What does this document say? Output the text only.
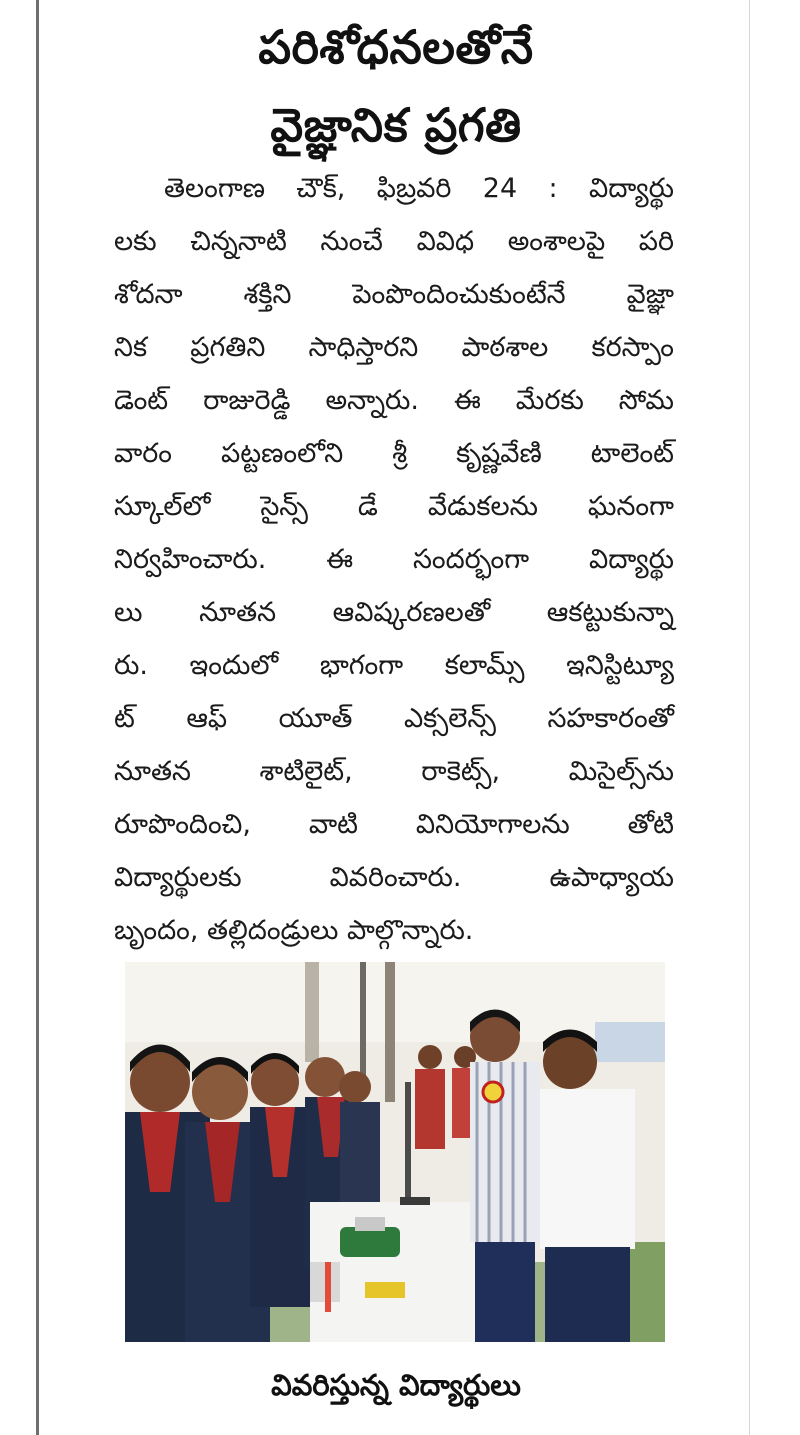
పరిశోధనలతోనే
వైజ్ఞానిక ప్రగతి
తెలంగాణ చౌక్, ఫిబ్రవరి 24 : విద్యార్థు
లకు చిన్ననాటి నుంచే వివిధ అంశాలపై పరి
శోదనా శక్తిని పెంపొందించుకుంటేనే వైజ్ఞా
నిక ప్రగతిని సాధిస్తారని పాఠశాల కరస్పాం
డెంట్ రాజురెడ్డి అన్నారు. ఈ మేరకు సోమ
వారం పట్టణంలోని శ్రీ కృష్ణవేణి టాలెంట్
స్కూల్‌లో సైన్స్ డే వేడుకలను ఘనంగా
నిర్వహించారు. ఈ సందర్భంగా విద్యార్థు
లు నూతన ఆవిష్కరణలతో ఆకట్టుకున్నా
రు. ఇందులో భాగంగా కలామ్స్ ఇనిస్టిట్యూ
ట్ ఆఫ్ యూత్ ఎక్సలెన్స్ సహకారంతో
నూతన శాటిలైట్, రాకెట్స్, మిసైల్స్‌ను
రూపొందించి, వాటి వినియోగాలను తోటి
విద్యార్థులకు వివరించారు. ఉపాధ్యాయ
బృందం, తల్లిదండ్రులు పాల్గొన్నారు.
వివరిస్తున్న విద్యార్థులు
